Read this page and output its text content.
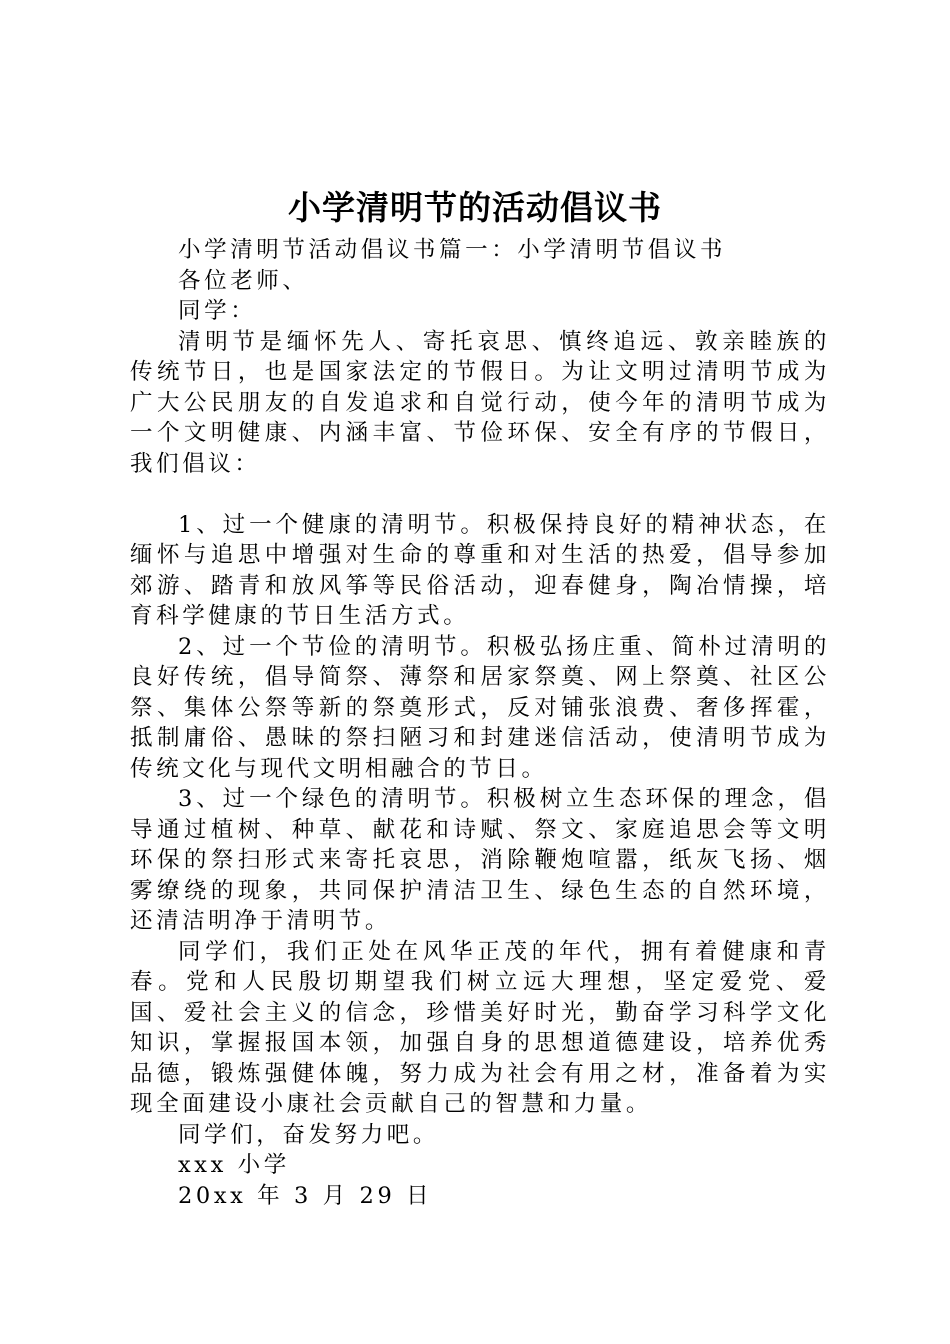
小学清明节的活动倡议书

小学清明节活动倡议书篇一：小学清明节倡议书

各位老师、

同学：

清明节是缅怀先人、寄托哀思、慎终追远、敦亲睦族的传统节日，也是国家法定的节假日。为让文明过清明节成为广大公民朋友的自发追求和自觉行动，使今年的清明节成为一个文明健康、内涵丰富、节俭环保、安全有序的节假日，我们倡议：

1、过一个健康的清明节。积极保持良好的精神状态，在缅怀与追思中增强对生命的尊重和对生活的热爱，倡导参加郊游、踏青和放风筝等民俗活动，迎春健身，陶冶情操，培育科学健康的节日生活方式。

2、过一个节俭的清明节。积极弘扬庄重、简朴过清明的良好传统，倡导简祭、薄祭和居家祭奠、网上祭奠、社区公祭、集体公祭等新的祭奠形式，反对铺张浪费、奢侈挥霍，抵制庸俗、愚昧的祭扫陋习和封建迷信活动，使清明节成为传统文化与现代文明相融合的节日。

3、过一个绿色的清明节。积极树立生态环保的理念，倡导通过植树、种草、献花和诗赋、祭文、家庭追思会等文明环保的祭扫形式来寄托哀思，消除鞭炮喧嚣，纸灰飞扬、烟雾缭绕的现象，共同保护清洁卫生、绿色生态的自然环境，还清洁明净于清明节。

同学们，我们正处在风华正茂的年代，拥有着健康和青春。党和人民殷切期望我们树立远大理想，坚定爱党、爱国、爱社会主义的信念，珍惜美好时光，勤奋学习科学文化知识，掌握报国本领，加强自身的思想道德建设，培养优秀品德，锻炼强健体魄，努力成为社会有用之材，准备着为实现全面建设小康社会贡献自己的智慧和力量。

同学们，奋发努力吧。

xxx 小学

20xx 年 3 月 29 日
